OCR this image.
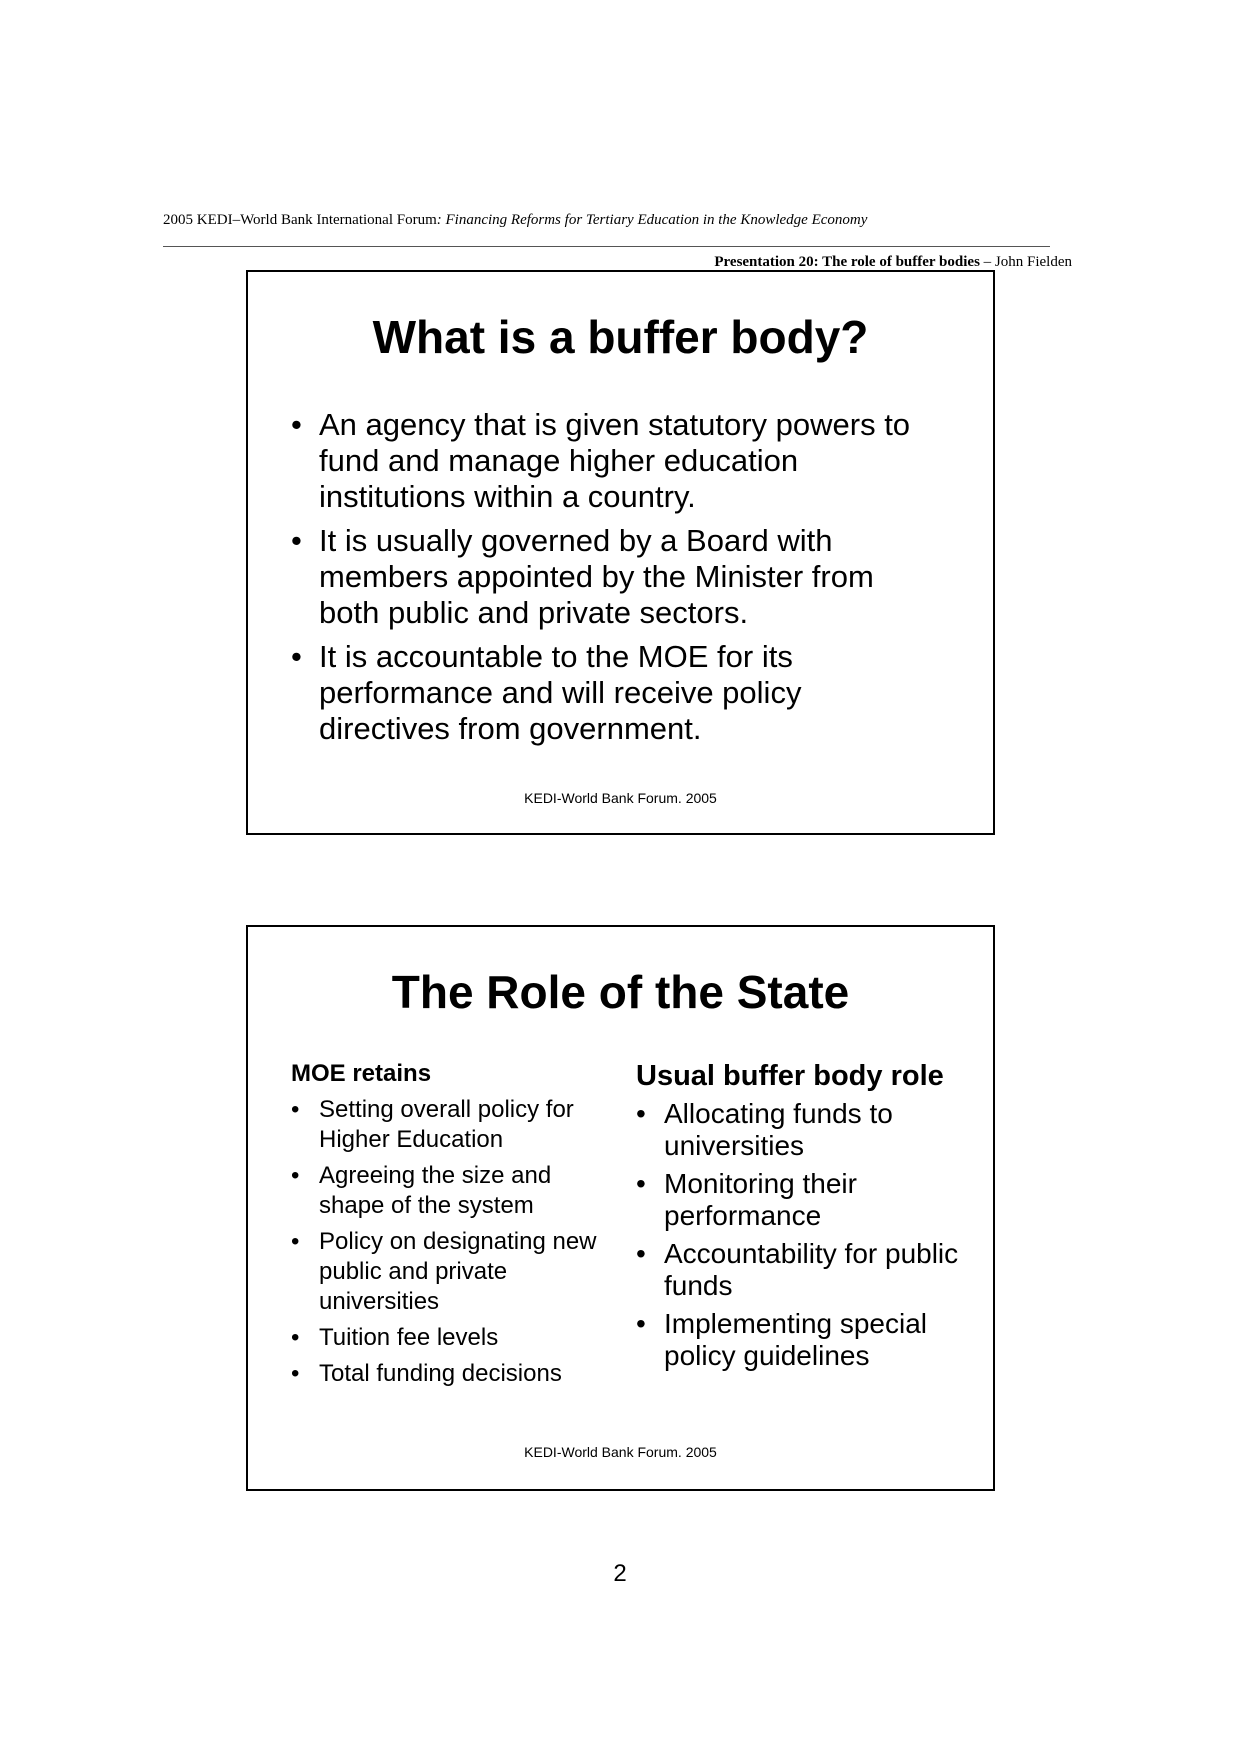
2005 KEDI–World Bank International Forum: Financing Reforms for Tertiary Education in the Knowledge Economy
Presentation 20: The role of buffer bodies – John Fielden
What is a buffer body?
• An agency that is given statutory powers to fund and manage higher education institutions within a country.
• It is usually governed by a Board with members appointed by the Minister from both public and private sectors.
• It is accountable to the MOE for its performance and will receive policy directives from government.
KEDI-World Bank Forum. 2005
The Role of the State
MOE retains
• Setting overall policy for Higher Education
• Agreeing the size and shape of the system
• Policy on designating new public and private universities
• Tuition fee levels
• Total funding decisions
Usual buffer body role
• Allocating funds to universities
• Monitoring their performance
• Accountability for public funds
• Implementing special policy guidelines
KEDI-World Bank Forum. 2005
2
